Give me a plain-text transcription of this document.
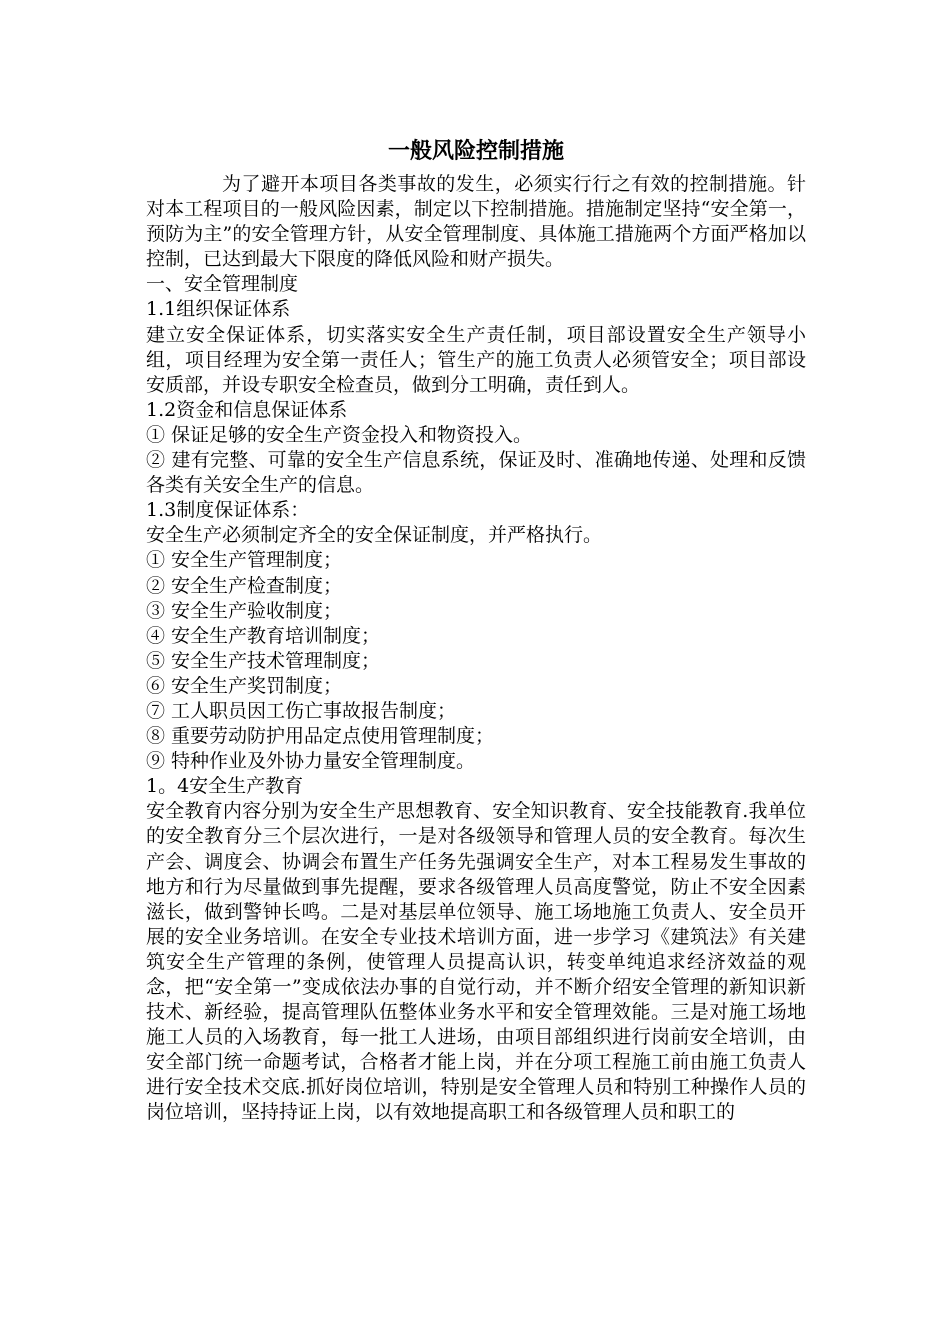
一般风险控制措施

为了避开本项目各类事故的发生，必须实行行之有效的控制措施。针对本工程项目的一般风险因素，制定以下控制措施。措施制定坚持“安全第一，预防为主”的安全管理方针，从安全管理制度、具体施工措施两个方面严格加以控制，已达到最大下限度的降低风险和财产损失。

一、安全管理制度

1.1组织保证体系

建立安全保证体系，切实落实安全生产责任制，项目部设置安全生产领导小组，项目经理为安全第一责任人；管生产的施工负责人必须管安全；项目部设安质部，并设专职安全检查员，做到分工明确，责任到人。

1.2资金和信息保证体系

① 保证足够的安全生产资金投入和物资投入。

② 建有完整、可靠的安全生产信息系统，保证及时、准确地传递、处理和反馈各类有关安全生产的信息。

1.3制度保证体系：

安全生产必须制定齐全的安全保证制度，并严格执行。

① 安全生产管理制度；

② 安全生产检查制度；

③ 安全生产验收制度；

④ 安全生产教育培训制度；

⑤ 安全生产技术管理制度；

⑥ 安全生产奖罚制度；

⑦ 工人职员因工伤亡事故报告制度；

⑧ 重要劳动防护用品定点使用管理制度；

⑨ 特种作业及外协力量安全管理制度。

1。4安全生产教育

安全教育内容分别为安全生产思想教育、安全知识教育、安全技能教育.我单位的安全教育分三个层次进行，一是对各级领导和管理人员的安全教育。每次生产会、调度会、协调会布置生产任务先强调安全生产，对本工程易发生事故的地方和行为尽量做到事先提醒，要求各级管理人员高度警觉，防止不安全因素滋长，做到警钟长鸣。二是对基层单位领导、施工场地施工负责人、安全员开展的安全业务培训。在安全专业技术培训方面，进一步学习《建筑法》有关建筑安全生产管理的条例，使管理人员提高认识，转变单纯追求经济效益的观念，把“安全第一”变成依法办事的自觉行动，并不断介绍安全管理的新知识新技术、新经验，提高管理队伍整体业务水平和安全管理效能。三是对施工场地施工人员的入场教育，每一批工人进场，由项目部组织进行岗前安全培训，由安全部门统一命题考试，合格者才能上岗，并在分项工程施工前由施工负责人进行安全技术交底.抓好岗位培训，特别是安全管理人员和特别工种操作人员的岗位培训，坚持持证上岗，以有效地提高职工和各级管理人员和职工的
